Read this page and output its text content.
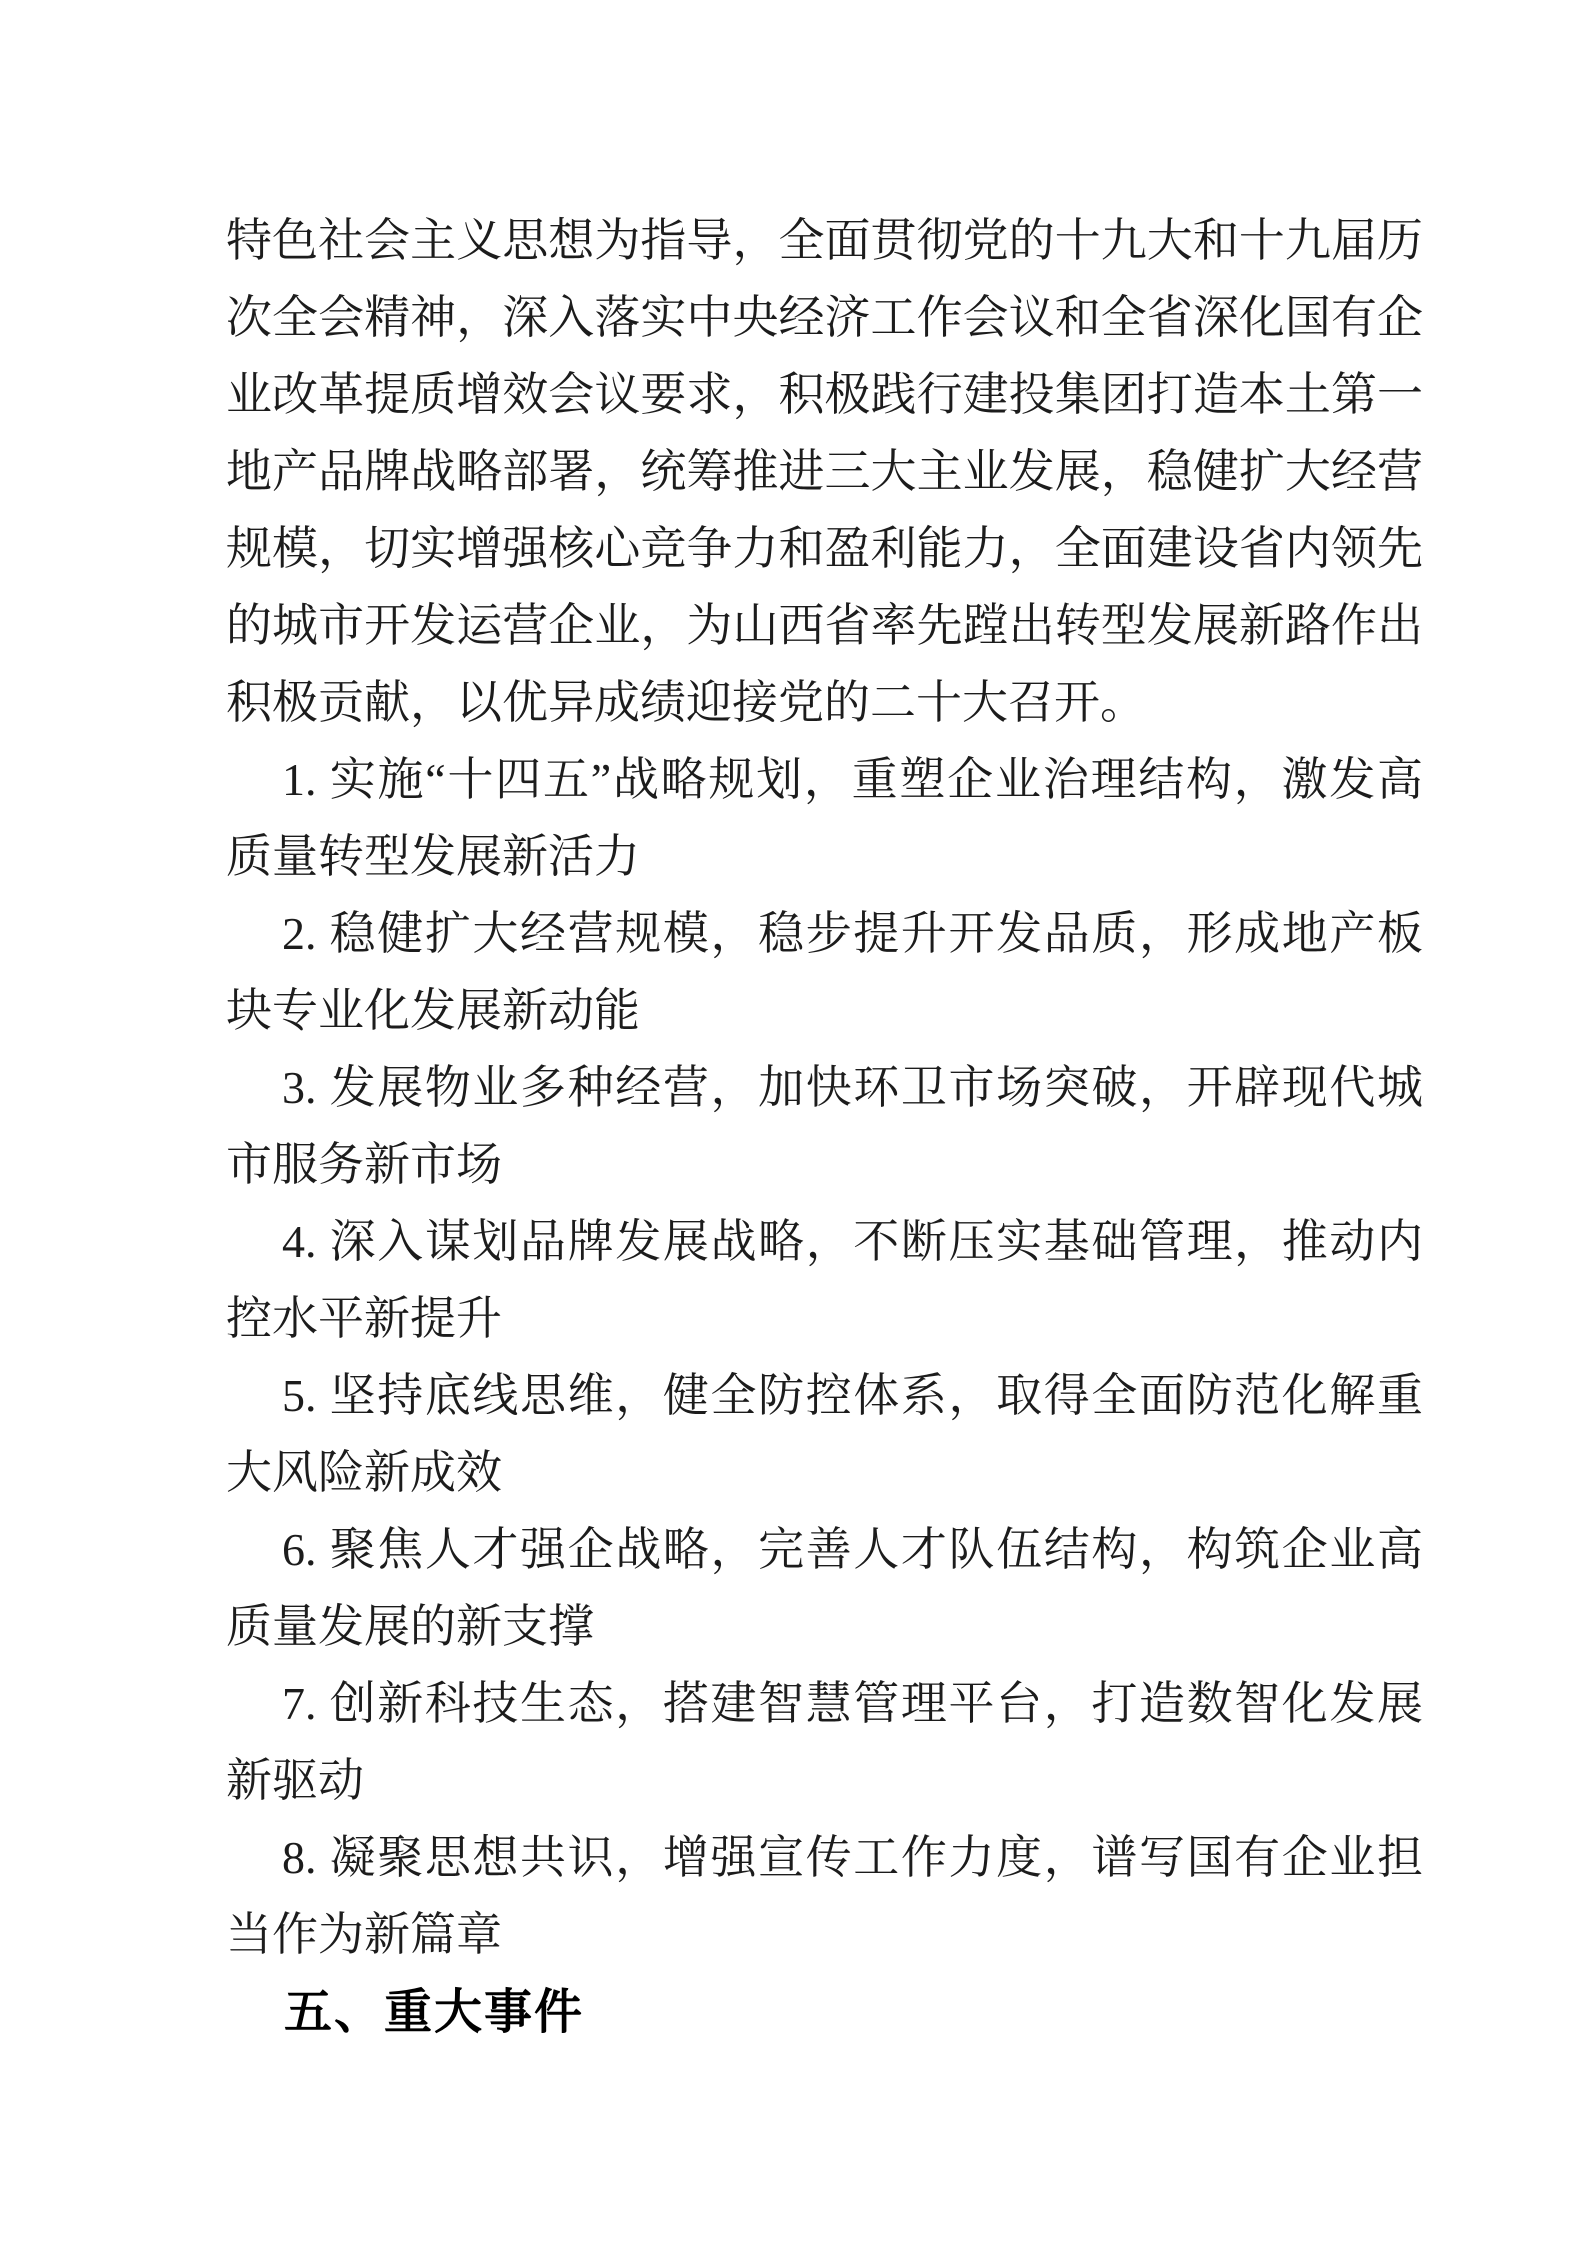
特色社会主义思想为指导，全面贯彻党的十九大和十九届历次全会精神，深入落实中央经济工作会议和全省深化国有企业改革提质增效会议要求，积极践行建投集团打造本土第一地产品牌战略部署，统筹推进三大主业发展，稳健扩大经营规模，切实增强核心竞争力和盈利能力，全面建设省内领先的城市开发运营企业，为山西省率先蹚出转型发展新路作出积极贡献，以优异成绩迎接党的二十大召开。

1. 实施“十四五”战略规划，重塑企业治理结构，激发高质量转型发展新活力

2. 稳健扩大经营规模，稳步提升开发品质，形成地产板块专业化发展新动能

3. 发展物业多种经营，加快环卫市场突破，开辟现代城市服务新市场

4. 深入谋划品牌发展战略，不断压实基础管理，推动内控水平新提升

5. 坚持底线思维，健全防控体系，取得全面防范化解重大风险新成效

6. 聚焦人才强企战略，完善人才队伍结构，构筑企业高质量发展的新支撑

7. 创新科技生态，搭建智慧管理平台，打造数智化发展新驱动

8. 凝聚思想共识，增强宣传工作力度，谱写国有企业担当作为新篇章

五、重大事件
